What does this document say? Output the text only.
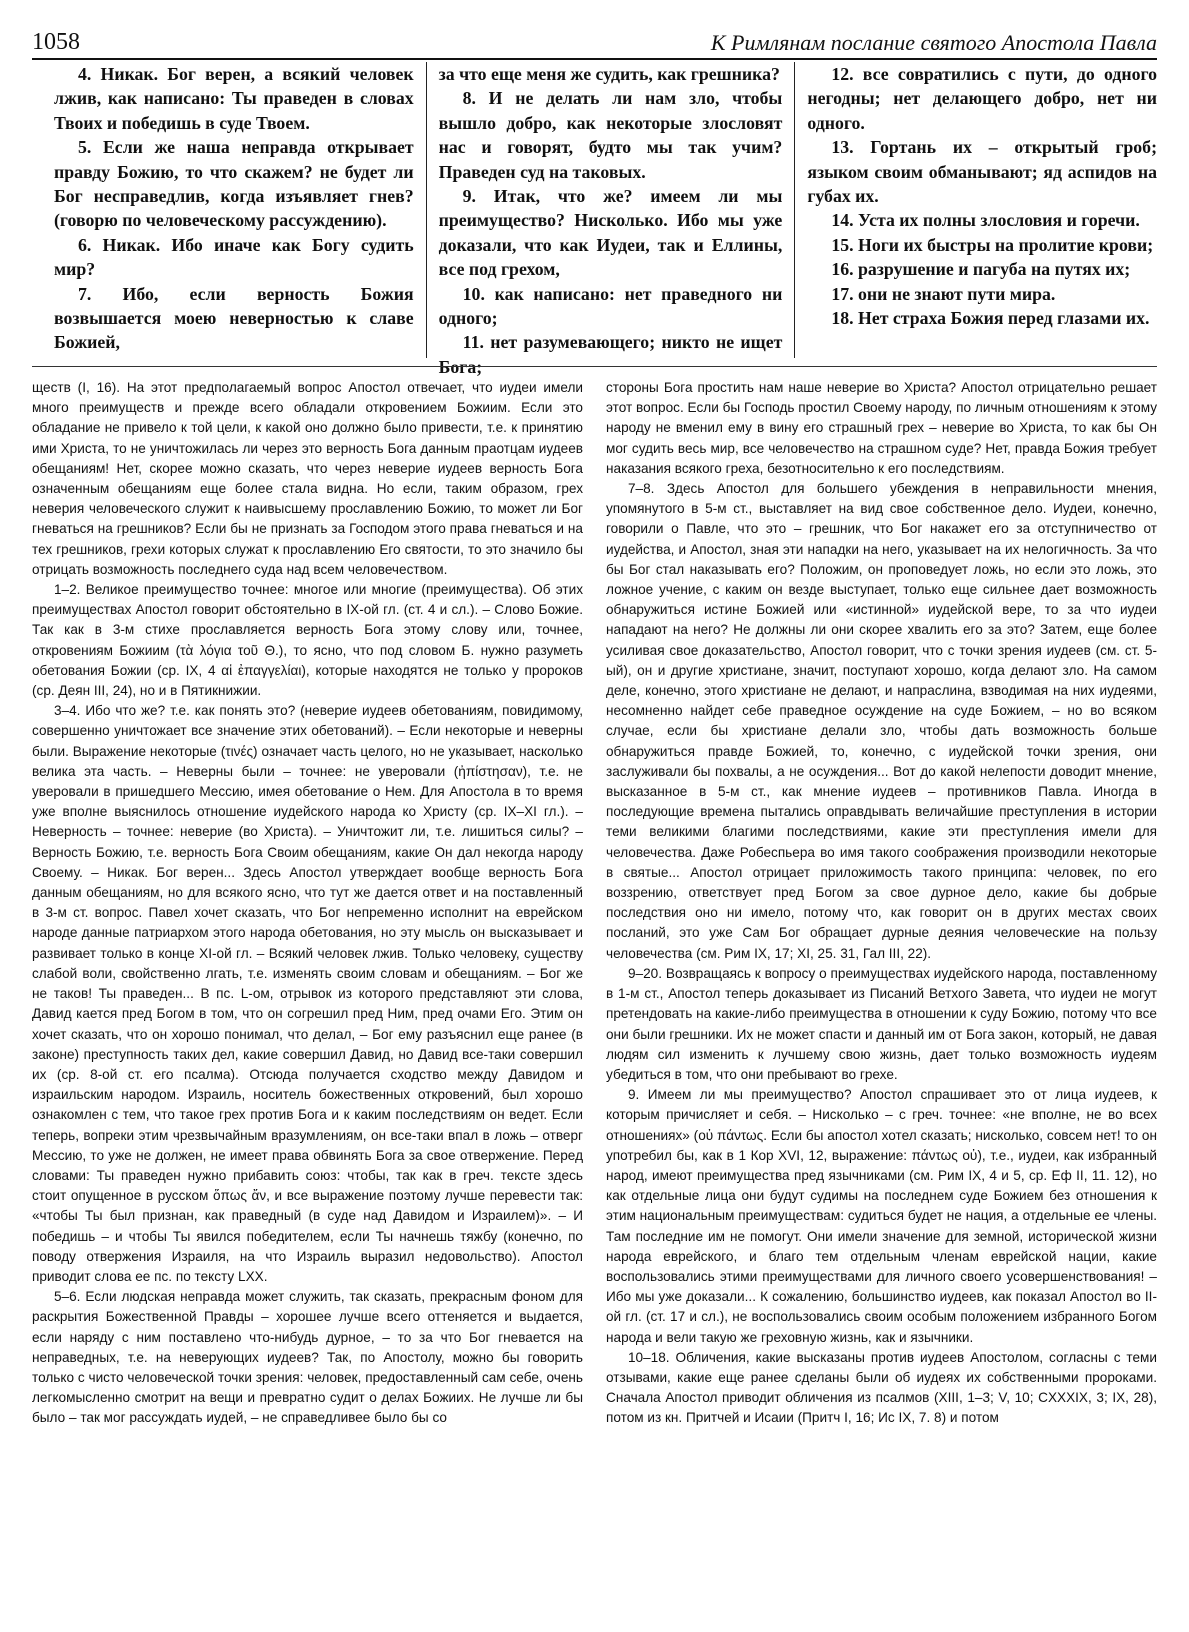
1058	К Римлянам послание святого Апостола Павла

4. Никак. Бог верен, а всякий человек лжив, как написано: Ты праведен в словах Твоих и победишь в суде Твоем.

5. Если же наша неправда открывает правду Божию, то что скажем? не будет ли Бог несправедлив, когда изъявляет гнев? (говорю по человеческому рассуждению).

6. Никак. Ибо иначе как Богу судить мир?

7. Ибо, если верность Божия возвышается моею неверностью к славе Божией,

за что еще меня же судить, как грешника?

8. И не делать ли нам зло, чтобы вышло добро, как некоторые злословят нас и говорят, будто мы так учим? Праведен суд на таковых.

9. Итак, что же? имеем ли мы преимущество? Нисколько. Ибо мы уже доказали, что как Иудеи, так и Еллины, все под грехом,

10. как написано: нет праведного ни одного;

11. нет разумевающего; никто не ищет Бога;

12. все совратились с пути, до одного негодны; нет делающего добро, нет ни одного.

13. Гортань их – открытый гроб; языком своим обманывают; яд аспидов на губах их.

14. Уста их полны злословия и горечи.

15. Ноги их быстры на пролитие крови;

16. разрушение и пагуба на путях их;

17. они не знают пути мира.

18. Нет страха Божия перед глазами их.

ществ (I, 16). На этот предполагаемый вопрос Апостол отвечает, что иудеи имели много преимуществ и прежде всего обладали откровением Божиим. Если это обладание не привело к той цели, к какой оно должно было привести, т.е. к принятию ими Христа, то не уничтожилась ли через это верность Бога данным праотцам иудеев обещаниям! Нет, скорее можно сказать, что через неверие иудеев верность Бога означенным обещаниям еще более стала видна. Но если, таким образом, грех неверия человеческого служит к наивысшему прославлению Божию, то может ли Бог гневаться на грешников? Если бы не признать за Господом этого права гневаться и на тех грешников, грехи которых служат к прославлению Его святости, то это значило бы отрицать возможность последнего суда над всем человечеством.

1–2. Великое преимущество точнее: многое или многие (преимущества). Об этих преимуществах Апостол говорит обстоятельно в IX-ой гл. (ст. 4 и сл.). – Слово Божие. Так как в 3-м стихе прославляется верность Бога этому слову или, точнее, откровениям Божиим (τὰ λόγια τοῦ Θ.), то ясно, что под словом Б. нужно разуметь обетования Божии (ср. IX, 4 αἱ ἐπαγγελίαι), которые находятся не только у пророков (ср. Деян III, 24), но и в Пятикнижии.

3–4. Ибо что же? т.е. как понять это? (неверие иудеев обетованиям, повидимому, совершенно уничтожает все значение этих обетований). – Если некоторые и неверны были. Выражение некоторые (τινές) означает часть целого, но не указывает, насколько велика эта часть. – Неверны были – точнее: не уверовали (ἠπίστησαν), т.е. не уверовали в пришедшего Мессию, имея обетование о Нем. Для Апостола в то время уже вполне выяснилось отношение иудейского народа ко Христу (ср. IX–XI гл.). – Неверность – точнее: неверие (во Христа). – Уничтожит ли, т.е. лишиться силы? – Верность Божию, т.е. верность Бога Своим обещаниям, какие Он дал некогда народу Своему. – Никак. Бог верен... Здесь Апостол утверждает вообще верность Бога данным обещаниям, но для всякого ясно, что тут же дается ответ и на поставленный в 3-м ст. вопрос. Павел хочет сказать, что Бог непременно исполнит на еврейском народе данные патриархом этого народа обетования, но эту мысль он высказывает и развивает только в конце XI-ой гл. – Всякий человек лжив. Только человеку, существу слабой воли, свойственно лгать, т.е. изменять своим словам и обещаниям. – Бог же не таков! Ты праведен... В пс. L-ом, отрывок из которого представляют эти слова, Давид кается пред Богом в том, что он согрешил пред Ним, пред очами Его. Этим он хочет сказать, что он хорошо понимал, что делал, – Бог ему разъяснил еще ранее (в законе) преступность таких дел, какие совершил Давид, но Давид все-таки совершил их (ср. 8-ой ст. его псалма). Отсюда получается сходство между Давидом и израильским народом. Израиль, носитель божественных откровений, был хорошо ознакомлен с тем, что такое грех против Бога и к каким последствиям он ведет. Если теперь, вопреки этим чрезвычайным вразумлениям, он все-таки впал в ложь – отверг Мессию, то уже не должен, не имеет права обвинять Бога за свое отвержение. Перед словами: Ты праведен нужно прибавить союз: чтобы, так как в греч. тексте здесь стоит опущенное в русском ὅπως ἄν, и все выражение поэтому лучше перевести так: «чтобы Ты был признан, как праведный (в суде над Давидом и Израилем)». – И победишь – и чтобы Ты явился победителем, если Ты начнешь тяжбу (конечно, по поводу отвержения Израиля, на что Израиль выразил недовольство). Апостол приводит слова ее пс. по тексту LXX.

5–6. Если людская неправда может служить, так сказать, прекрасным фоном для раскрытия Божественной Правды – хорошее лучше всего оттеняется и выдается, если наряду с ним поставлено что-нибудь дурное, – то за что Бог гневается на неправедных, т.е. на неверующих иудеев? Так, по Апостолу, можно бы говорить только с чисто человеческой точки зрения: человек, предоставленный сам себе, очень легкомысленно смотрит на вещи и превратно судит о делах Божиих. Не лучше ли бы было – так мог рассуждать иудей, – не справедливее было бы со

стороны Бога простить нам наше неверие во Христа? Апостол отрицательно решает этот вопрос. Если бы Господь простил Своему народу, по личным отношениям к этому народу не вменил ему в вину его страшный грех – неверие во Христа, то как бы Он мог судить весь мир, все человечество на страшном суде? Нет, правда Божия требует наказания всякого греха, безотносительно к его последствиям.

7–8. Здесь Апостол для большего убеждения в неправильности мнения, упомянутого в 5-м ст., выставляет на вид свое собственное дело. Иудеи, конечно, говорили о Павле, что это – грешник, что Бог накажет его за отступничество от иудейства, и Апостол, зная эти нападки на него, указывает на их нелогичность. За что бы Бог стал наказывать его? Положим, он проповедует ложь, но если это ложь, это ложное учение, с каким он везде выступает, только еще сильнее дает возможность обнаружиться истине Божией или «истинной» иудейской вере, то за что иудеи нападают на него? Не должны ли они скорее хвалить его за это? Затем, еще более усиливая свое доказательство, Апостол говорит, что с точки зрения иудеев (см. ст. 5-ый), он и другие христиане, значит, поступают хорошо, когда делают зло. На самом деле, конечно, этого христиане не делают, и напраслина, взводимая на них иудеями, несомненно найдет себе праведное осуждение на суде Божием, – но во всяком случае, если бы христиане делали зло, чтобы дать возможность больше обнаружиться правде Божией, то, конечно, с иудейской точки зрения, они заслуживали бы похвалы, а не осуждения... Вот до какой нелепости доводит мнение, высказанное в 5-м ст., как мнение иудеев – противников Павла. Иногда в последующие времена пытались оправдывать величайшие преступления в истории теми великими благими последствиями, какие эти преступления имели для человечества. Даже Робеспьера во имя такого соображения производили некоторые в святые... Апостол отрицает приложимость такого принципа: человек, по его воззрению, ответствует пред Богом за свое дурное дело, какие бы добрые последствия оно ни имело, потому что, как говорит он в других местах своих посланий, это уже Сам Бог обращает дурные деяния человеческие на пользу человечества (см. Рим IX, 17; XI, 25. 31, Гал III, 22).

9–20. Возвращаясь к вопросу о преимуществах иудейского народа, поставленному в 1-м ст., Апостол теперь доказывает из Писаний Ветхого Завета, что иудеи не могут претендовать на какие-либо преимущества в отношении к суду Божию, потому что все они были грешники. Их не может спасти и данный им от Бога закон, который, не давая людям сил изменить к лучшему свою жизнь, дает только возможность иудеям убедиться в том, что они пребывают во грехе.

9. Имеем ли мы преимущество? Апостол спрашивает это от лица иудеев, к которым причисляет и себя. – Нисколько – с греч. точнее: «не вполне, не во всех отношениях» (οὐ πάντως. Если бы апостол хотел сказать; нисколько, совсем нет! то он употребил бы, как в 1 Кор XVI, 12, выражение: πάντως οὐ), т.е., иудеи, как избранный народ, имеют преимущества пред язычниками (см. Рим IX, 4 и 5, ср. Еф II, 11. 12), но как отдельные лица они будут судимы на последнем суде Божием без отношения к этим национальным преимуществам: судиться будет не нация, а отдельные ее члены. Там последние им не помогут. Они имели значение для земной, исторической жизни народа еврейского, и благо тем отдельным членам еврейской нации, какие воспользовались этими преимуществами для личного своего усовершенствования! – Ибо мы уже доказали... К сожалению, большинство иудеев, как показал Апостол во II-ой гл. (ст. 17 и сл.), не воспользовались своим особым положением избранного Богом народа и вели такую же греховную жизнь, как и язычники.

10–18. Обличения, какие высказаны против иудеев Апостолом, согласны с теми отзывами, какие еще ранее сделаны были об иудеях их собственными пророками. Сначала Апостол приводит обличения из псалмов (XIII, 1–3; V, 10; CXXXIX, 3; IX, 28), потом из кн. Притчей и Исаии (Притч I, 16; Ис IX, 7. 8) и потом
